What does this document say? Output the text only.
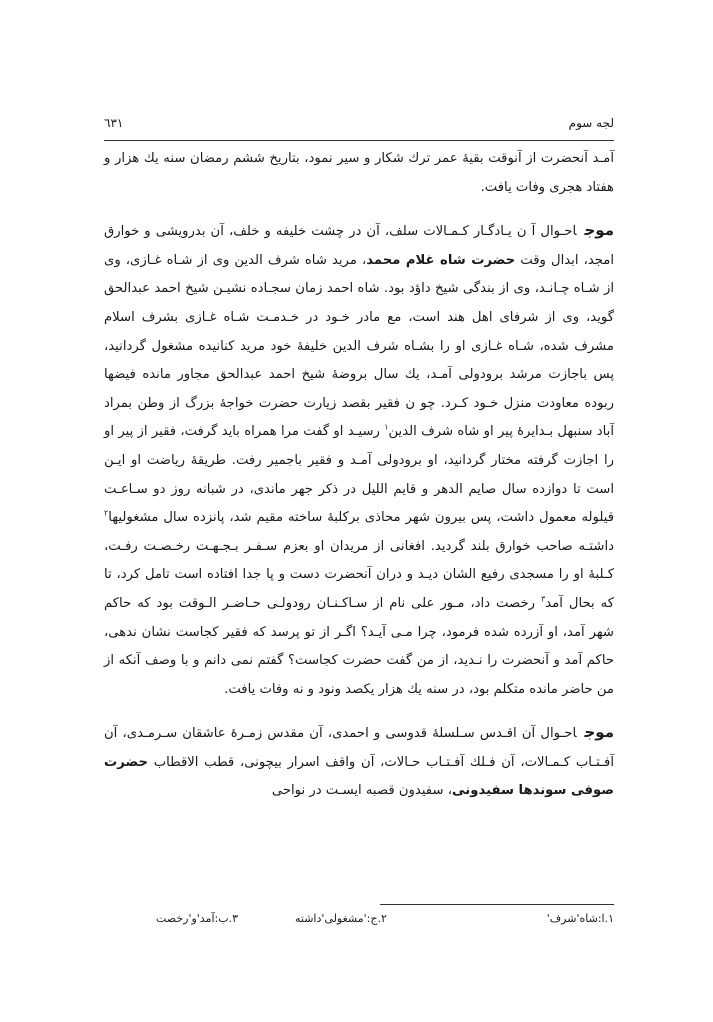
لجه سوم
٦٣١

آمـد آنحضرت از آنوقت بقیۀ عمر ترك شكار و سیر نمود، بتاریخ ششم رمضان سنه یك هزار و هفتاد هجری وفات یافت.

موجاحـوال آ ن یـادگـار کـمـالات سلف، آن در چشت خلیفه و خلف، آن بدرویشی و خوارق امجد، ابدال وقت حضرت شاه غلام محمد، مرید شاه شرف الدین وی از شـاه غـازی، وی از شـاه چـانـد، وی از بندگی شیخ داؤد بود. شاه احمد زمان سجـاده نشیـن شیخ احمد عبدالحق گوید، وی از شرفای اهل هند است، مع مادر خـود در خـدمـت شـاه غـازی بشرف اسلام مشرف شده، شـاه غـازی او را بشـاه شرف الدین خلیفۀ خود مرید کنانیده مشغول گردانید، پس باجازت مرشد برودولی آمـد، یك سال بروضۀ شیخ احمد عبدالحق مجاور مانده فیضها ربوده معاودت منزل خـود کـرد. چو ن فقیر بقصد زیارت حضرت خواجۀ بزرگ از وطن بمراد آباد سنبهل بـدایرۀ پیر او شاه شرف الدین$^١$ رسیـد او گفت مرا همراه باید گرفت، فقیر از پیر او را اجازت گرفته مختار گردانید، او برودولی آمـد و فقیر باجمیر رفت. طریقۀ ریاضت او ایـن است تا دوازده سال صایم الدهر و قایم اللیل در ذکر جهر ماندی، در شبانه روز دو سـاعـت قیلوله معمول داشت، پس بیرون شهر محاذی برکلبۀ ساخته مقیم شد، پانزده سال مشغولیها$^٢$ داشتـه صاحب خوارق بلند گردید. افغانی از مریدان او بعزم سـفـر بـجـهـت رخـصـت رفـت، کـلبۀ او را مسجدی رفیع الشان دیـد و دران آنحضرت دست و پا جدا افتاده است تامل کرد، تا که بحال آمد$^٣$ رخصت داد، مـور علی نام از سـاکـنـان رودولـی حـاضـر الـوقت بود که حاکم شهر آمد، او آزرده شده فرمود، چرا مـی آیـد؟ اگـر از تو پرسد که فقیر کجاست نشان ندهی، حاکم آمد و آنحضرت را نـدید، از من گفت حضرت کجاست؟ گفتم نمی دانم و با وصف آنکه از من حاضر مانده متکلم بود، در سنه یك هزار یکصد ونود و نه وفات یافت.

موجاحـوال آن اقـدس سـلسلۀ قدوسی و احمدی، آن مقدس زمـرۀ عاشقان سـرمـدی، آن آفـتـاب کـمـالات، آن فـلك آفـتـاب حـالات، آن واقف اسرار بیچونی، قطب الاقطاب حضرت صوفی سوندها سفیدونی، سفیدون قصبه ایسـت در نواحی

١.ا:شاه'شرف'
٢.ج:'مشغولی'داشته
٣.ب:آمد'و'رخصت
